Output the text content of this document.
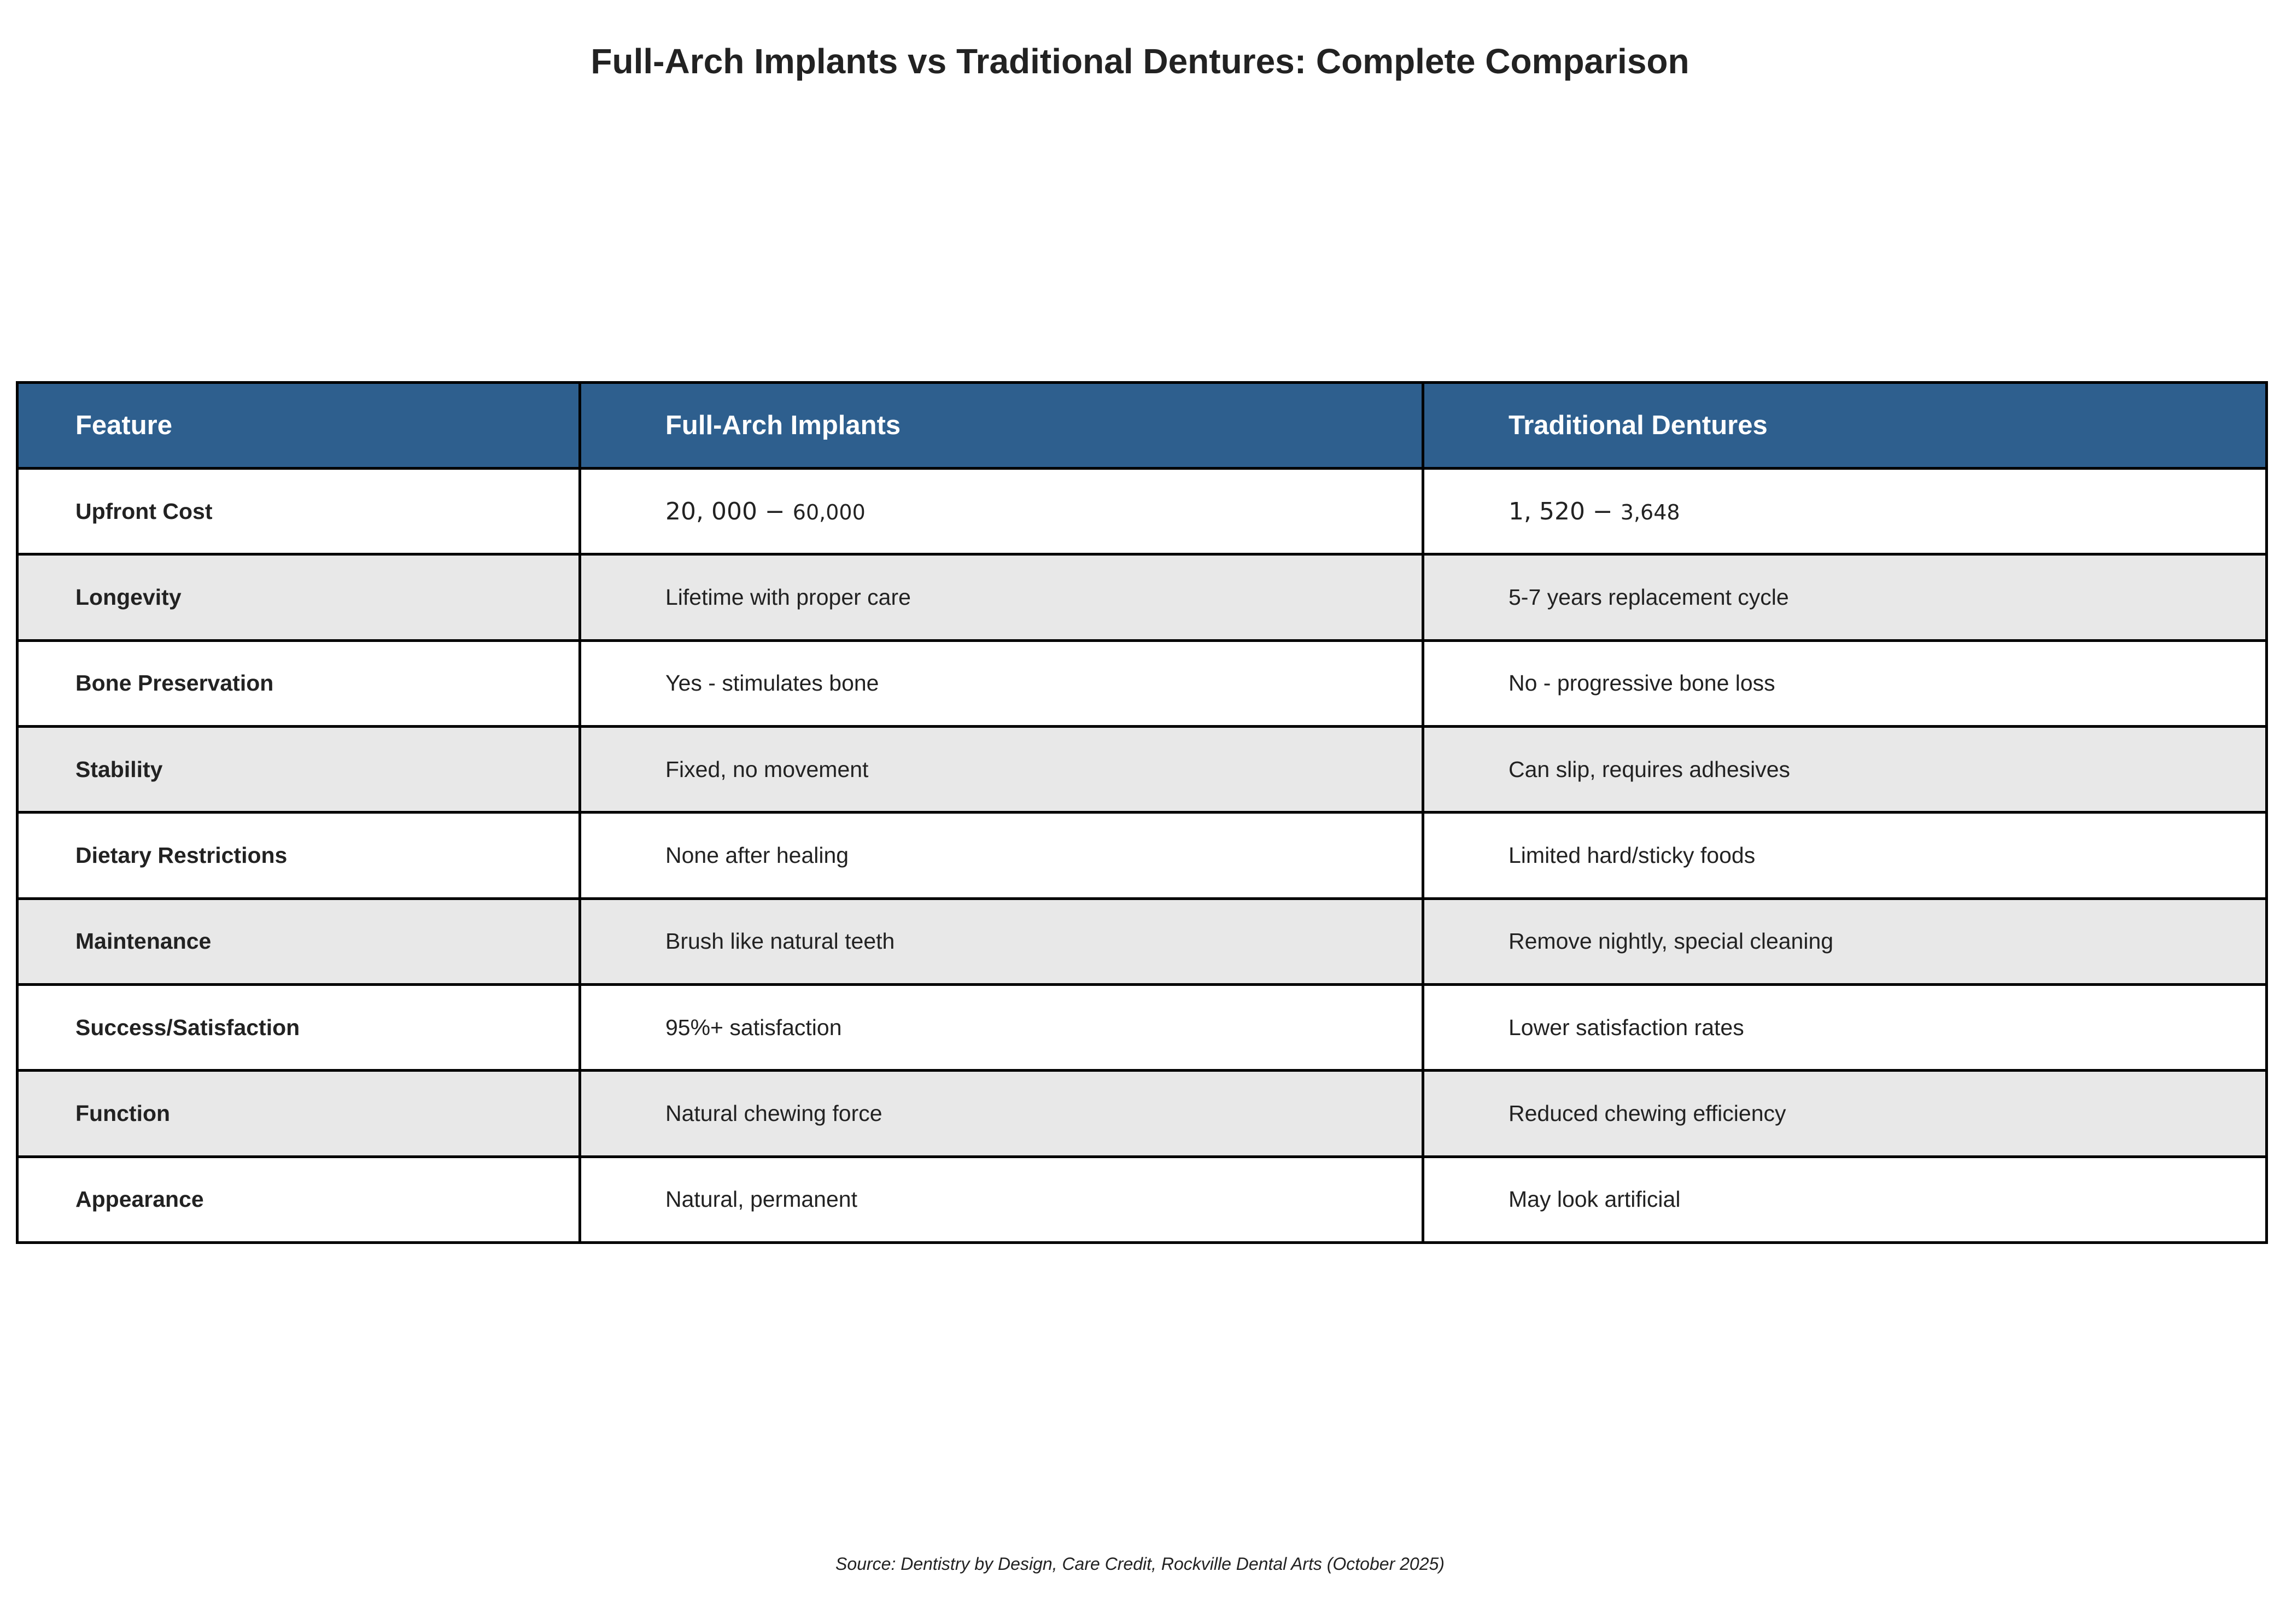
Full-Arch Implants vs Traditional Dentures: Complete Comparison
Feature	Full-Arch Implants	Traditional Dentures
Upfront Cost	20, 000 − 60,000	1, 520 − 3,648
Longevity	Lifetime with proper care	5-7 years replacement cycle
Bone Preservation	Yes - stimulates bone	No - progressive bone loss
Stability	Fixed, no movement	Can slip, requires adhesives
Dietary Restrictions	None after healing	Limited hard/sticky foods
Maintenance	Brush like natural teeth	Remove nightly, special cleaning
Success/Satisfaction	95%+ satisfaction	Lower satisfaction rates
Function	Natural chewing force	Reduced chewing efficiency
Appearance	Natural, permanent	May look artificial
Source: Dentistry by Design, Care Credit, Rockville Dental Arts (October 2025)
